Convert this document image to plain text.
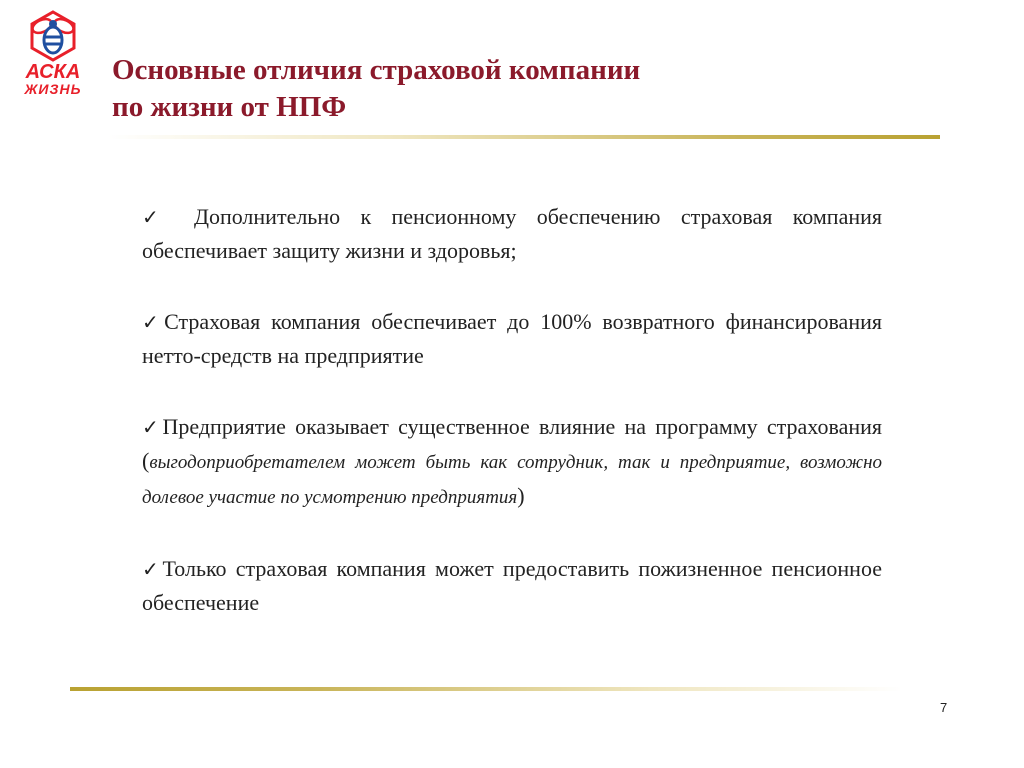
АСКА
ЖИЗНЬ
Основные отличия страховой компании
по жизни от НПФ

✓ Дополнительно к пенсионному обеспечению страховая компания обеспечивает защиту жизни и здоровья;

✓Страховая компания обеспечивает до 100% возвратного финансирования нетто-средств на предприятие

✓Предприятие оказывает существенное влияние на программу страхования (выгодоприобретателем может быть как сотрудник, так и предприятие, возможно долевое участие по усмотрению предприятия)

✓Только страховая компания может предоставить пожизненное пенсионное обеспечение

7
